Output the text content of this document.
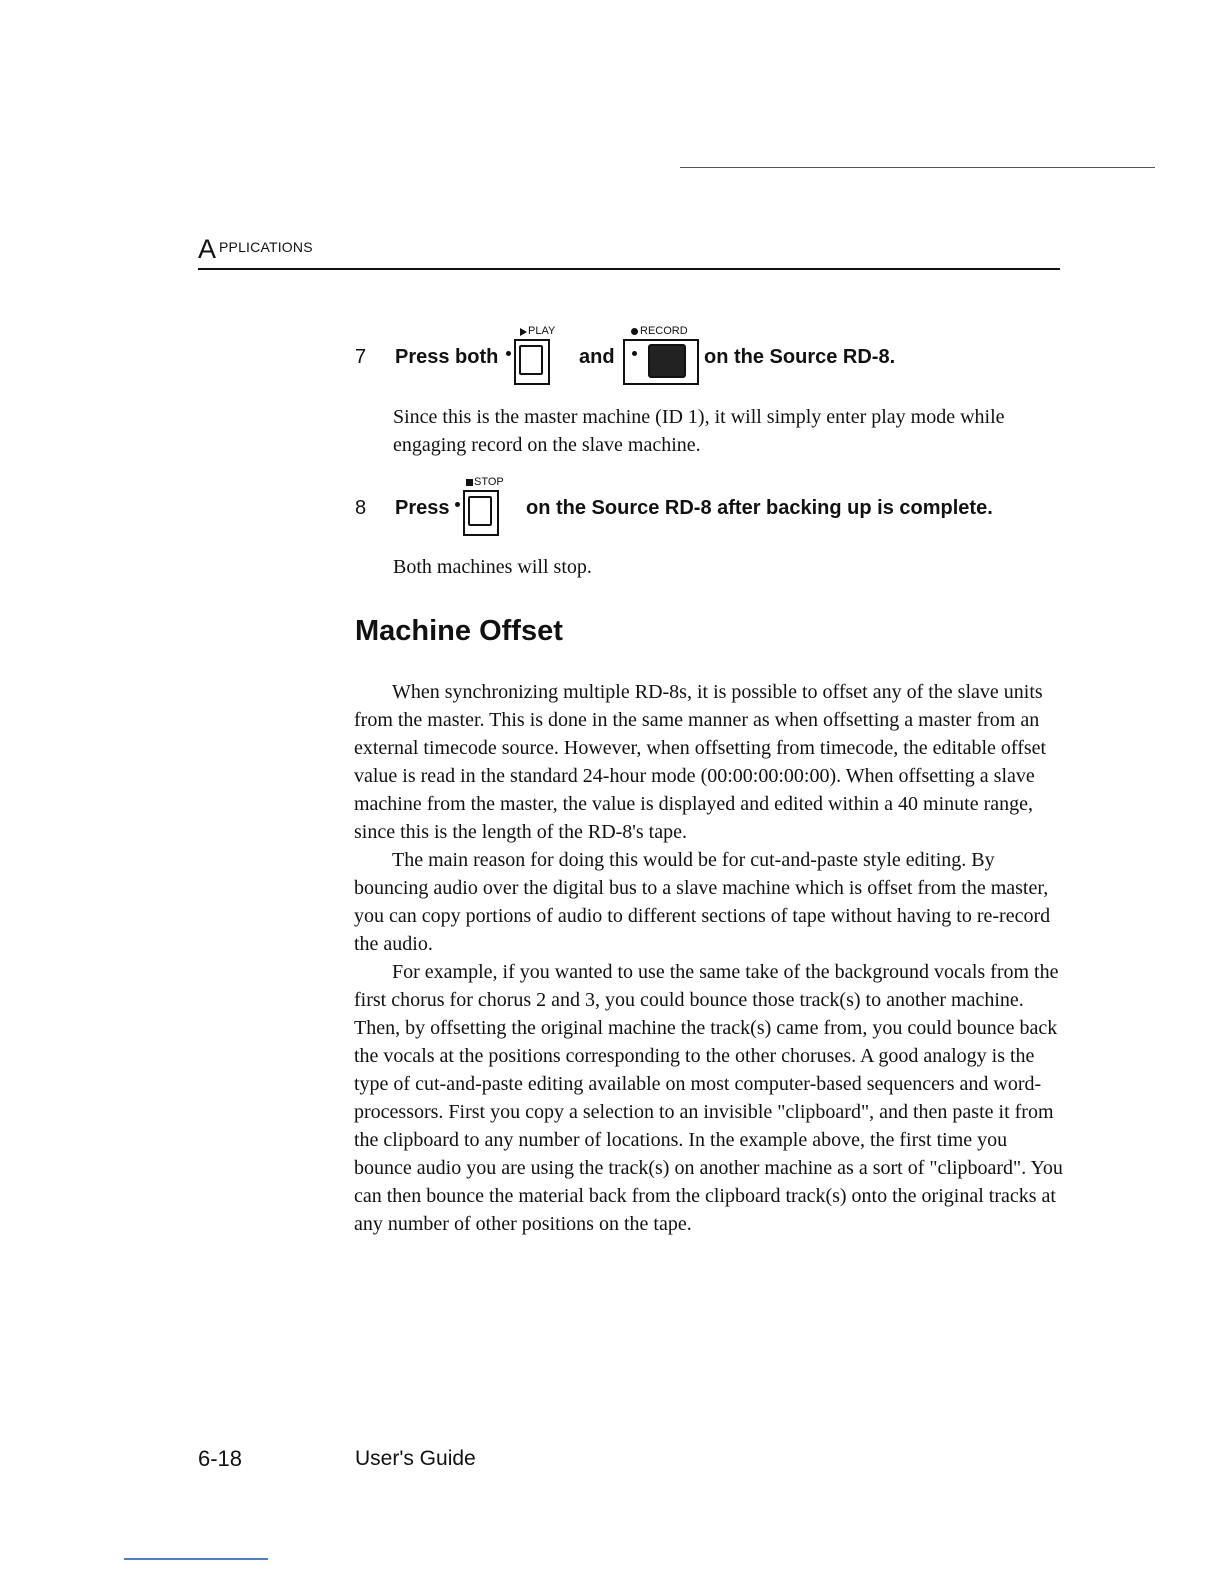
A PPLICATIONS
7 Press both
PLAY
and
RECORD
on the Source RD-8.

Since this is the master machine (ID 1), it will simply enter play mode while engaging record on the slave machine.

8 Press
STOP
on the Source RD-8 after backing up is complete.

Both machines will stop.

Machine Offset

When synchronizing multiple RD-8s, it is possible to offset any of the slave units from the master. This is done in the same manner as when offsetting a master from an external timecode source. However, when offsetting from timecode, the editable offset value is read in the standard 24-hour mode (00:00:00:00:00). When offsetting a slave machine from the master, the value is displayed and edited within a 40 minute range, since this is the length of the RD-8's tape.

The main reason for doing this would be for cut-and-paste style editing. By bouncing audio over the digital bus to a slave machine which is offset from the master, you can copy portions of audio to different sections of tape without having to re-record the audio.

For example, if you wanted to use the same take of the background vocals from the first chorus for chorus 2 and 3, you could bounce those track(s) to another machine. Then, by offsetting the original machine the track(s) came from, you could bounce back the vocals at the positions corresponding to the other choruses. A good analogy is the type of cut-and-paste editing available on most computer-based sequencers and word-processors. First you copy a selection to an invisible "clipboard", and then paste it from the clipboard to any number of locations. In the example above, the first time you bounce audio you are using the track(s) on another machine as a sort of "clipboard". You can then bounce the material back from the clipboard track(s) onto the original tracks at any number of other positions on the tape.

6-18	User's Guide
